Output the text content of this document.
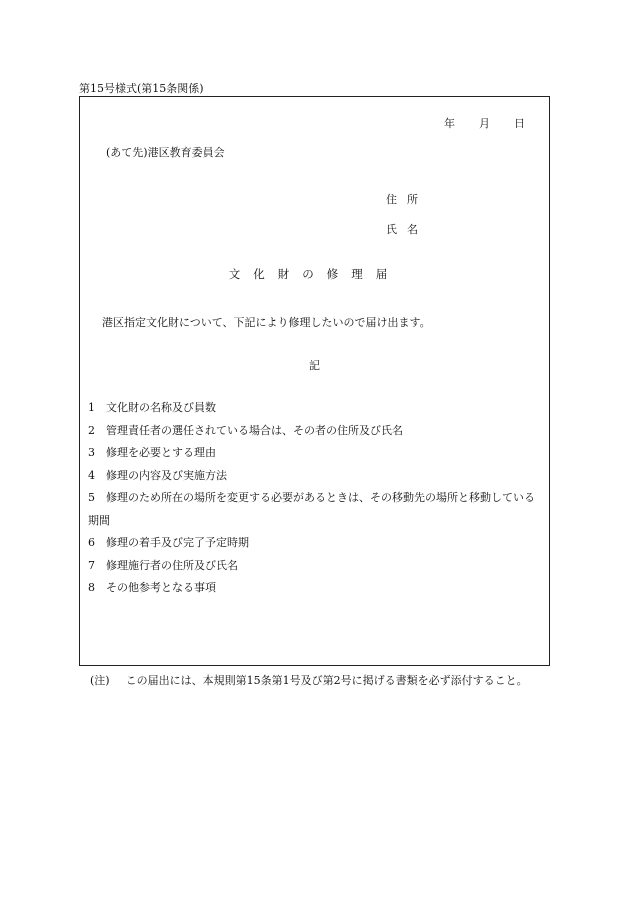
第15号様式(第15条関係)
年 月 日
(あて先)港区教育委員会
住所
氏名
文化財の修理届
港区指定文化財について、下記により修理したいので届け出ます。
記
1	文化財の名称及び員数
2	管理責任者の選任されている場合は、その者の住所及び氏名
3	修理を必要とする理由
4	修理の内容及び実施方法
5 修理のため所在の場所を変更する必要があるときは、その移動先の場所と移動している期間
6	修理の着手及び完了予定時期
7	修理施行者の住所及び氏名
8	その他参考となる事項
(注) この届出には、本規則第15条第1号及び第2号に掲げる書類を必ず添付すること。
